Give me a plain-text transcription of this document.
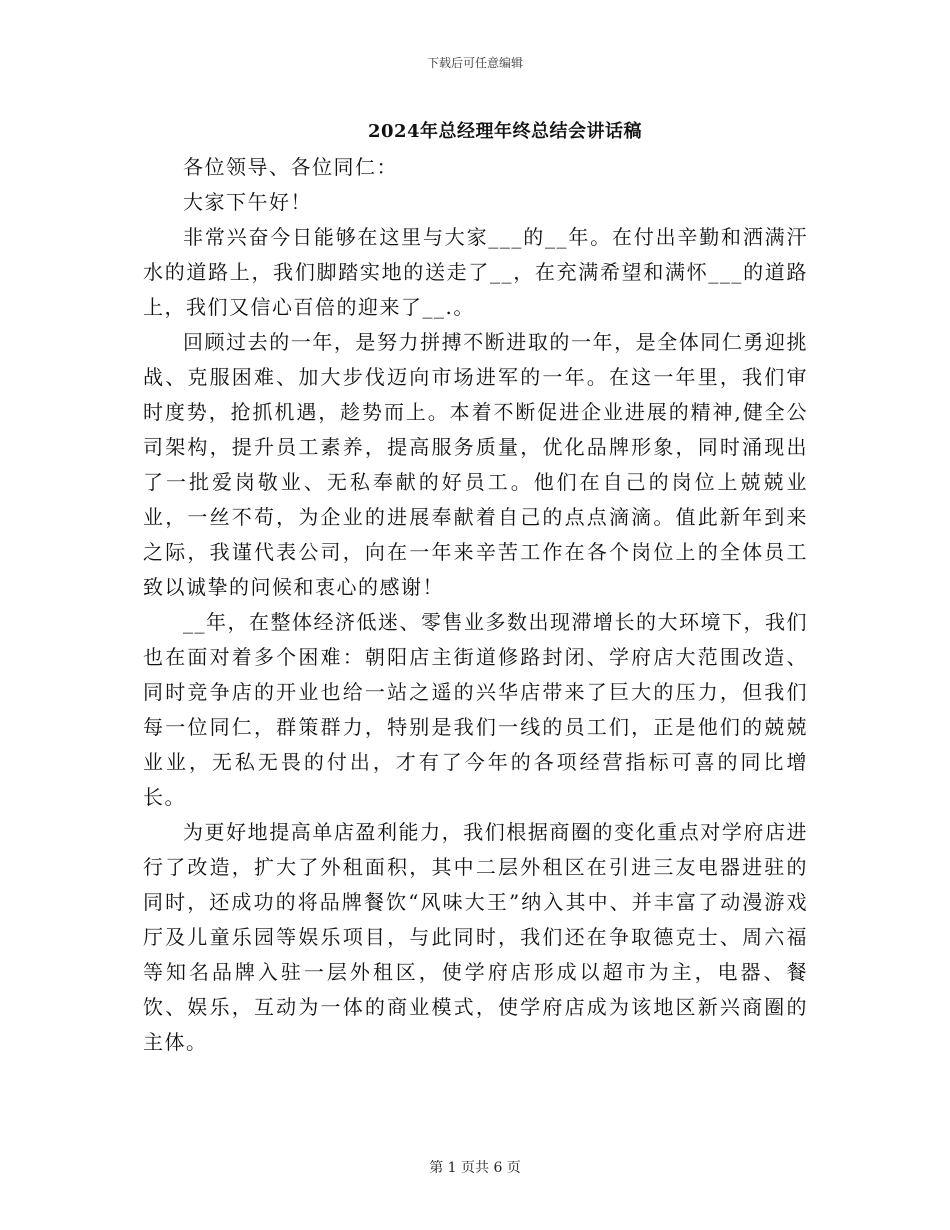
下载后可任意编辑
2024年总经理年终总结会讲话稿

各位领导、各位同仁：

大家下午好！

非常兴奋今日能够在这里与大家___的__年。在付出辛勤和洒满汗水的道路上，我们脚踏实地的送走了__，在充满希望和满怀___的道路上，我们又信心百倍的迎来了__.。

回顾过去的一年，是努力拼搏不断进取的一年，是全体同仁勇迎挑战、克服困难、加大步伐迈向市场进军的一年。在这一年里，我们审时度势，抢抓机遇，趁势而上。本着不断促进企业进展的精神,健全公司架构，提升员工素养，提高服务质量，优化品牌形象，同时涌现出了一批爱岗敬业、无私奉献的好员工。他们在自己的岗位上兢兢业业，一丝不苟，为企业的进展奉献着自己的点点滴滴。值此新年到来之际，我谨代表公司，向在一年来辛苦工作在各个岗位上的全体员工致以诚挚的问候和衷心的感谢！

__年，在整体经济低迷、零售业多数出现滞增长的大环境下，我们也在面对着多个困难：朝阳店主街道修路封闭、学府店大范围改造、同时竞争店的开业也给一站之遥的兴华店带来了巨大的压力，但我们每一位同仁，群策群力，特别是我们一线的员工们，正是他们的兢兢业业，无私无畏的付出，才有了今年的各项经营指标可喜的同比增长。

为更好地提高单店盈利能力，我们根据商圈的变化重点对学府店进行了改造，扩大了外租面积，其中二层外租区在引进三友电器进驻的同时，还成功的将品牌餐饮“风味大王”纳入其中、并丰富了动漫游戏厅及儿童乐园等娱乐项目，与此同时，我们还在争取德克士、周六福等知名品牌入驻一层外租区，使学府店形成以超市为主，电器、餐饮、娱乐，互动为一体的商业模式，使学府店成为该地区新兴商圈的主体。

第 1 页共 6 页
